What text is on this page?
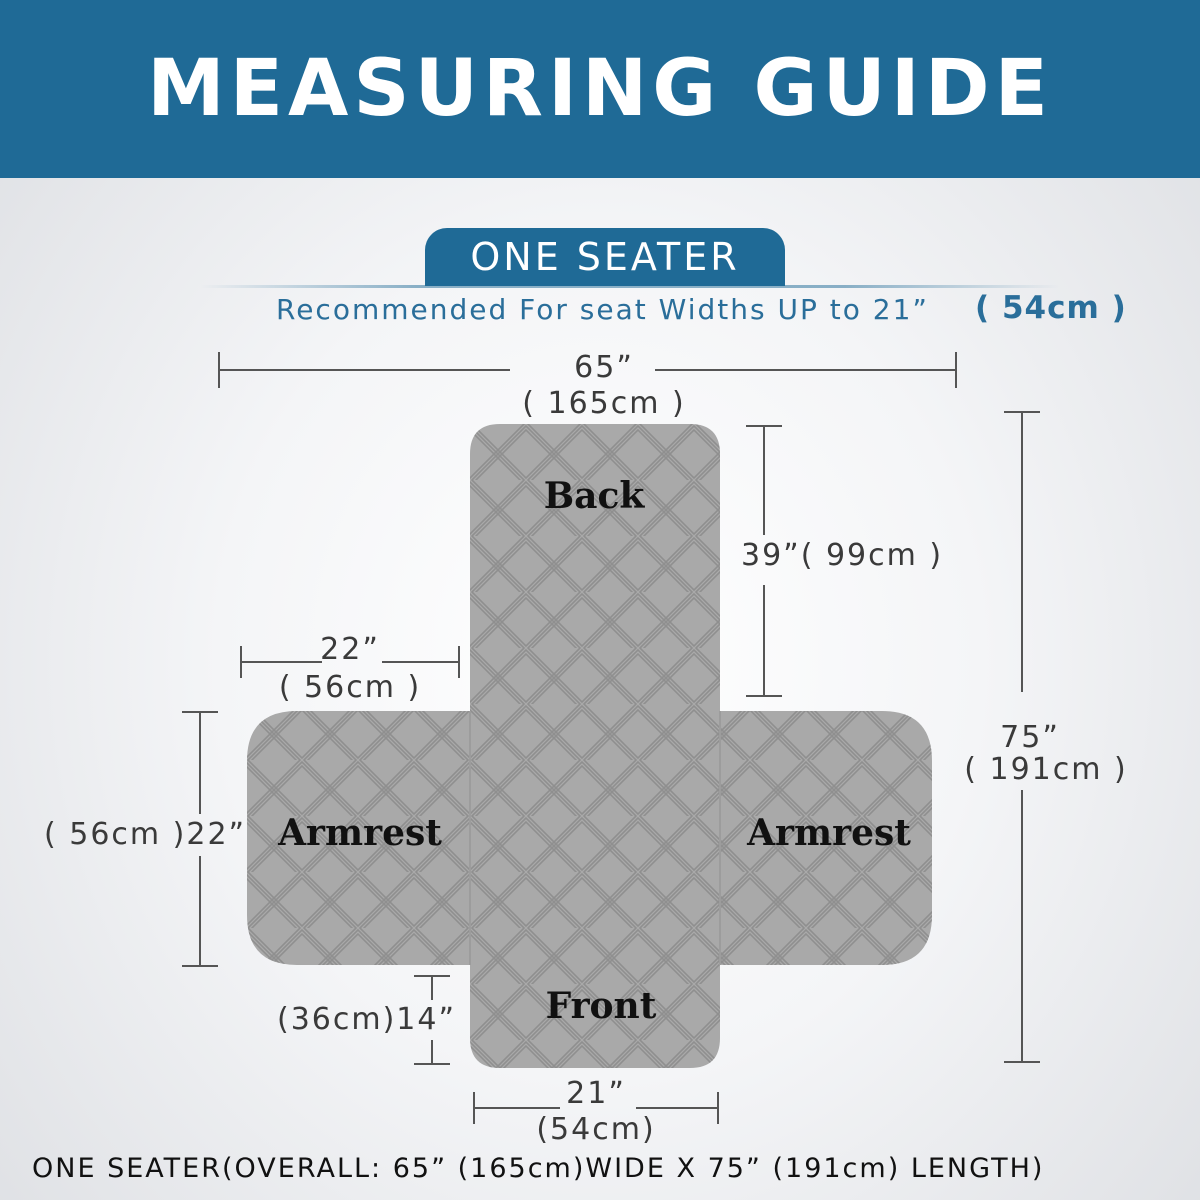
MEASURING GUIDE
ONE SEATER
Recommended For seat Widths UP to 21” ( 54cm )
65”
( 165cm )
39”( 99cm )
75”
( 191cm )
22”
( 56cm )
( 56cm )22”
(36cm)14”
21”
(54cm)
Back
Armrest	Armrest
Front
ONE SEATER(OVERALL: 65” (165cm)WIDE X 75” (191cm) LENGTH)
